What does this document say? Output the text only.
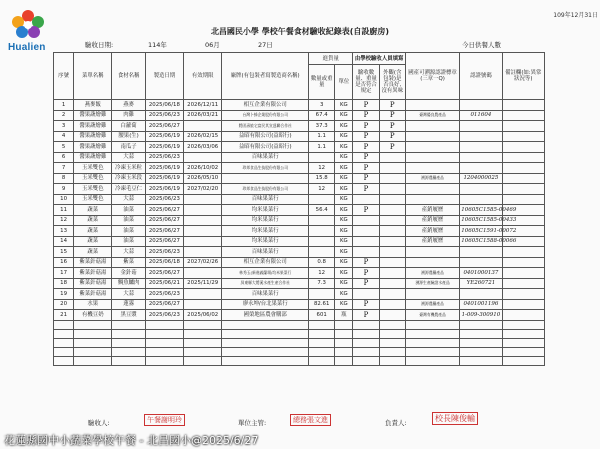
Hualien
109年12月31日
北昌國民小學 學校午餐食材驗收紀錄表(自設廚房)
驗收日期:	114年	06月	27日	今日供餐人數
序號	菜單名稱	食材名稱	製造日期	有效期限	廠牌(有包裝者寫製造商名稱)	進貨量		由學校驗收人員填寫		國產可溯源認證標章(三章一Q)	認證號碼	備註欄(如:異常狀況等)	
						數量或重量	單位	驗收數量、重量是否符合規定	外觀(含包裝)是否良好,沒有異味				

1	燕麥飯	燕麥	2025/06/18	2026/12/11	相互企業有限公司	3	KG	P	P				
2	醬果蔬燴雞	肉雞	2025/06/23	2026/03/21	台灣卜蜂企業股份有限公司	67.4	KG	P	P	臺灣優良農產品	011604		
3	醬果蔬燴雞	白蘿蔔	2025/06/27		將固壽旅宅富民其宣達聯合作社	37.3	KG	P	P				
4	醬果蔬燴雞	腰果(生)	2025/06/19	2026/02/15	益昭有限公司(益昭行)	1.1	KG	P	P				
5	醬果蔬燴雞	南瓜子	2025/06/19	2026/03/06	益昭有限公司(益昭行)	1.1	KG	P	P				
6	醬果蔬燴雞	大蒜	2025/06/23		百味果菜行		KG	P					
7	玉米雙色	冷凍玉米粒	2025/06/19	2026/10/02	珍邦食品生技股份有限公司	12	KG	P					
8	玉米雙色	冷凍玉米段	2025/06/19	2026/05/10		15.8	KG	P		溯源農糧產品	1204000025		
9	玉米雙色	冷凍毛豆仁	2025/06/19	2027/02/20	珍邦食品生技股份有限公司	12	KG	P					
10	玉米雙色	大蒜	2025/06/23		百味果菜行		KG						
11	蔬菜	油菜	2025/06/27		均米果菜行	56.4	KG	P		產銷履歷	10605C1585-00469		
12	蔬菜	油菜	2025/06/27		均米果菜行		KG			產銷履歷	10605C1585-00433		
13	蔬菜	油菜	2025/06/27		均米果菜行		KG			產銷履歷	10605C1591-00072		
14	蔬菜	油菜	2025/06/27		均米果菜行		KG			產銷履歷	10605C1588-00066		
15	蔬菜	大蒜	2025/06/23		百味果菜行		KG						
16	紫菜針菇湯	紫菜	2025/06/18	2027/02/26	相互企業有限公司	0.8	KG	P					
17	紫菜針菇湯	金針菇	2025/06/27		林秀玉(新進義蘭場/均米果菜行	12	KG	P		溯源農糧產品	0401000137		
18	紫菜針菇湯	鯛魚鱸肉	2025/06/21	2025/11/29	屏東縣大將溪水產生產合作社	7.3	KG	P		溯源生產驗證水產品	YE260721		
19	紫菜針菇湯	大蒜	2025/06/23		百味果菜行		KG						
20	水果	蓮霧	2025/06/27		廖永坤/台北果菜行	82.61	KG	P		溯源農糧產品	0401001196		
21	有機豆奶	黑豆漿	2025/06/23	2025/06/02	國榮地區農會購部	601	瓶	P		臺灣有機農產品	1-009-300910		

驗收人:	午餐謝明玲	單位主管:	總務張文進	負責人:	校長陳俊輸
花蓮縣國中小蔬菜學校午餐 - 北昌國小@2025/6/27
